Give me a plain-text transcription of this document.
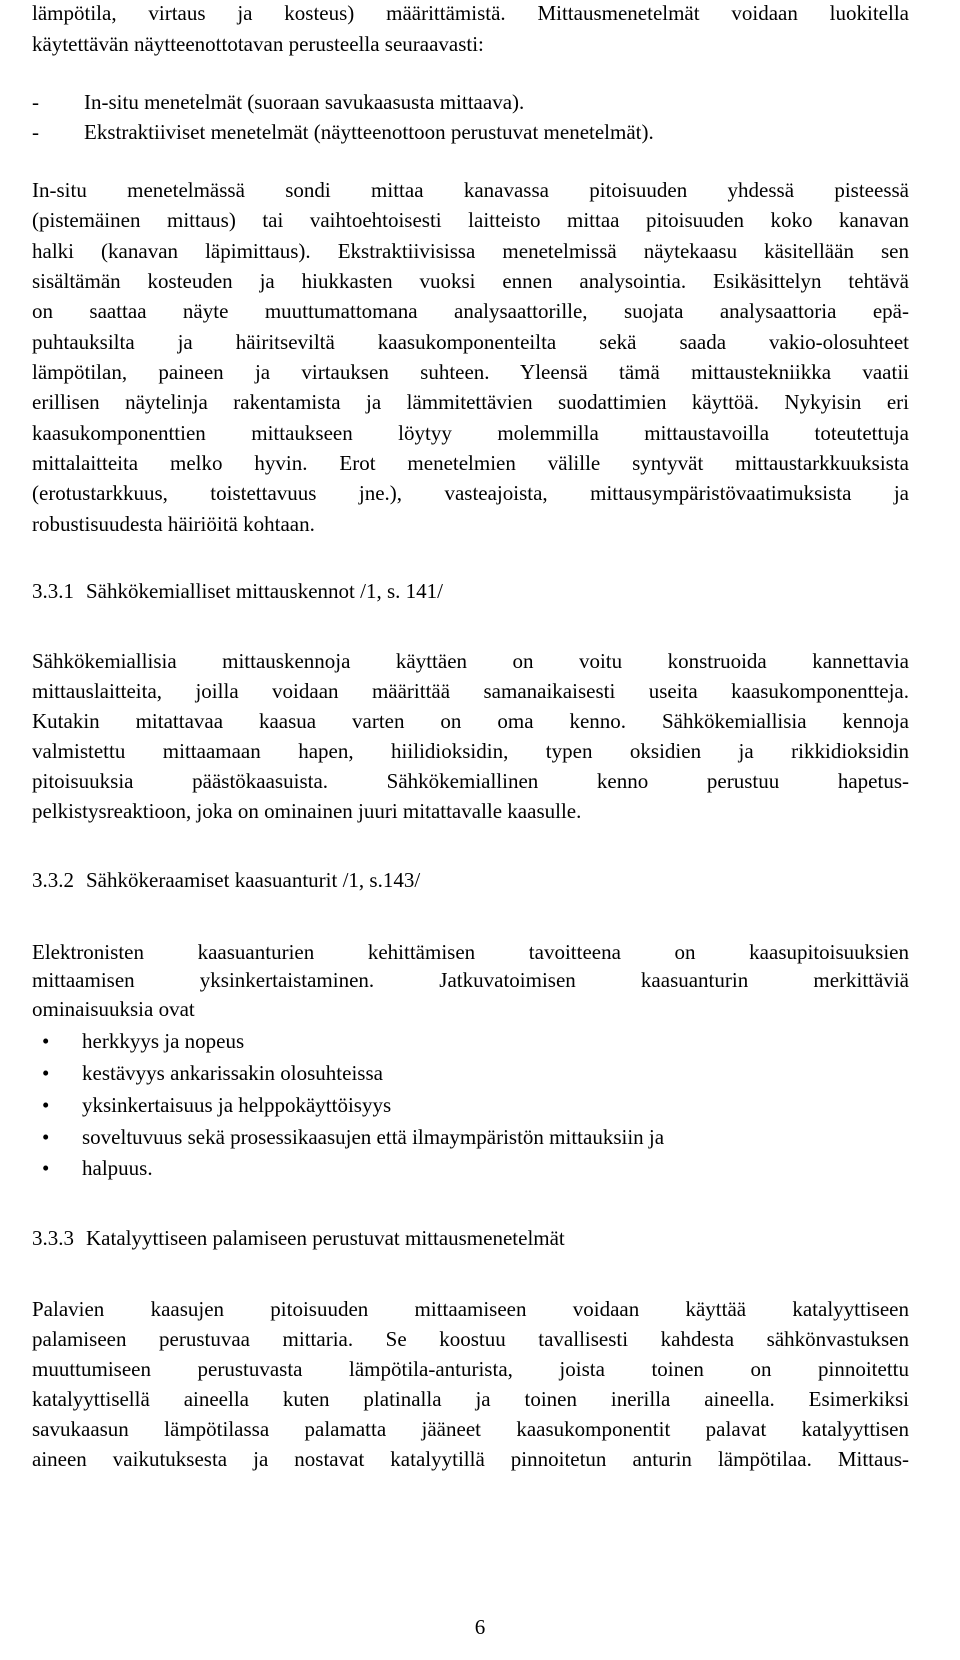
lämpötila, virtaus ja kosteus) määrittämistä. Mittausmenetelmät voidaan luokitella
käytettävän näytteenottotavan perusteella seuraavasti:
- In-situ menetelmät (suoraan savukaasusta mittaava).
- Ekstraktiiviset menetelmät (näytteenottoon perustuvat menetelmät).
In-situ menetelmässä sondi mittaa kanavassa pitoisuuden yhdessä pisteessä
(pistemäinen mittaus) tai vaihtoehtoisesti laitteisto mittaa pitoisuuden koko kanavan
halki (kanavan läpimittaus). Ekstraktiivisissa menetelmissä näytekaasu käsitellään sen
sisältämän kosteuden ja hiukkasten vuoksi ennen analysointia. Esikäsittelyn tehtävä
on saattaa näyte muuttumattomana analysaattorille, suojata analysaattoria epä-
puhtauksilta ja häiritseviltä kaasukomponenteilta sekä saada vakio-olosuhteet
lämpötilan, paineen ja virtauksen suhteen. Yleensä tämä mittaustekniikka vaatii
erillisen näytelinja rakentamista ja lämmitettävien suodattimien käyttöä. Nykyisin eri
kaasukomponenttien mittaukseen löytyy molemmilla mittaustavoilla toteutettuja
mittalaitteita melko hyvin. Erot menetelmien välille syntyvät mittaustarkkuuksista
(erotustarkkuus, toistettavuus jne.), vasteajoista, mittausympäristövaatimuksista ja
robustisuudesta häiriöitä kohtaan.
3.3.1 Sähkökemialliset mittauskennot /1, s. 141/
Sähkökemiallisia mittauskennoja käyttäen on voitu konstruoida kannettavia
mittauslaitteita, joilla voidaan määrittää samanaikaisesti useita kaasukomponentteja.
Kutakin mitattavaa kaasua varten on oma kenno. Sähkökemiallisia kennoja
valmistettu mittaamaan hapen, hiilidioksidin, typen oksidien ja rikkidioksidin
pitoisuuksia päästökaasuista. Sähkökemiallinen kenno perustuu hapetus-
pelkistysreaktioon, joka on ominainen juuri mitattavalle kaasulle.
3.3.2 Sähkökeraamiset kaasuanturit /1, s.143/
Elektronisten kaasuanturien kehittämisen tavoitteena on kaasupitoisuuksien
mittaamisen yksinkertaistaminen. Jatkuvatoimisen kaasuanturin merkittäviä
ominaisuuksia ovat
• herkkyys ja nopeus
• kestävyys ankarissakin olosuhteissa
• yksinkertaisuus ja helppokäyttöisyys
• soveltuvuus sekä prosessikaasujen että ilmaympäristön mittauksiin ja
• halpuus.
3.3.3 Katalyyttiseen palamiseen perustuvat mittausmenetelmät
Palavien kaasujen pitoisuuden mittaamiseen voidaan käyttää katalyyttiseen
palamiseen perustuvaa mittaria. Se koostuu tavallisesti kahdesta sähkönvastuksen
muuttumiseen perustuvasta lämpötila-anturista, joista toinen on pinnoitettu
katalyyttisellä aineella kuten platinalla ja toinen inerilla aineella. Esimerkiksi
savukaasun lämpötilassa palamatta jääneet kaasukomponentit palavat katalyyttisen
aineen vaikutuksesta ja nostavat katalyytillä pinnoitetun anturin lämpötilaa. Mittaus-
6
